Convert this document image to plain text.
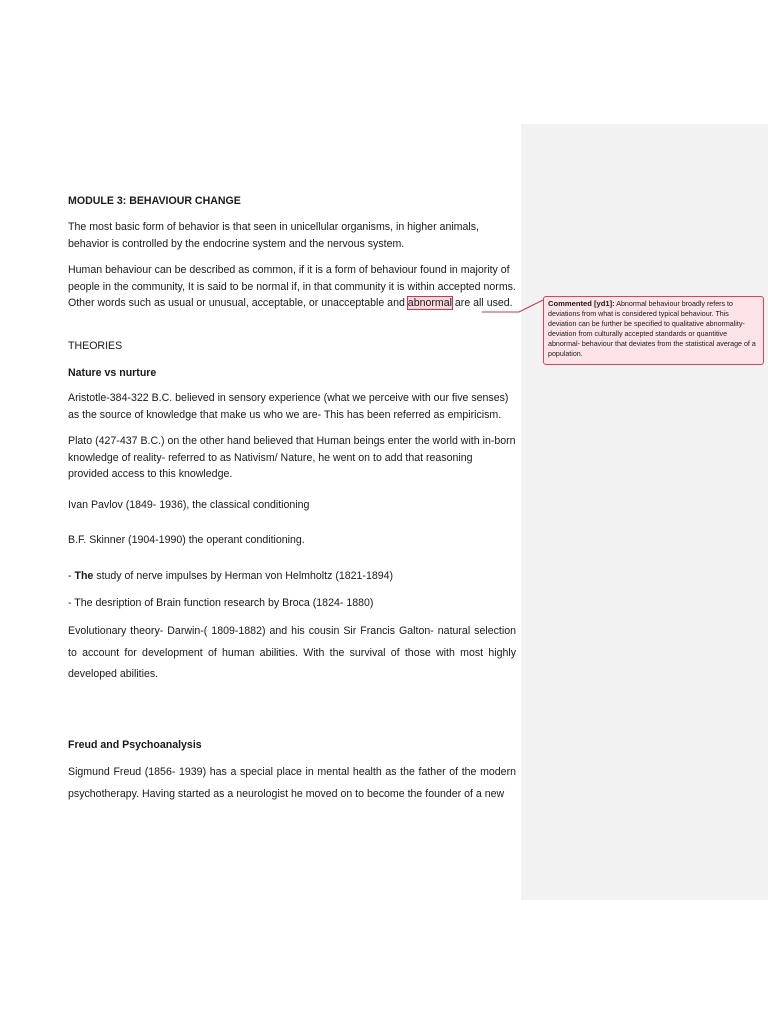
MODULE 3: BEHAVIOUR CHANGE

The most basic form of behavior is that seen in unicellular organisms, in higher animals, behavior is controlled by the endocrine system and the nervous system.

Human behaviour can be described as common, if it is a form of behaviour found in majority of people in the community, It is said to be normal if, in that community it is within accepted norms. Other words such as usual or unusual, acceptable, or unacceptable and abnormal are all used.

THEORIES

Nature vs nurture

Aristotle-384-322 B.C. believed in sensory experience (what we perceive with our five senses) as the source of knowledge that make us who we are- This has been referred as empiricism.

Plato (427-437 B.C.) on the other hand believed that Human beings enter the world with in-born knowledge of reality- referred to as Nativism/ Nature, he went on to add that reasoning provided access to this knowledge.

Ivan Pavlov (1849- 1936), the classical conditioning

B.F. Skinner (1904-1990) the operant conditioning.

- The study of nerve impulses by Herman von Helmholtz (1821-1894)

- The desription of Brain function research by Broca (1824- 1880)

Evolutionary theory- Darwin-( 1809-1882) and his cousin Sir Francis Galton- natural selection to account for development of human abilities. With the survival of those with most highly developed abilities.

Freud and Psychoanalysis

Sigmund Freud (1856- 1939) has a special place in mental health as the father of the modern psychotherapy. Having started as a neurologist he moved on to become the founder of a new

Commented [yd1]: Abnormal behaviour broadly refers to deviations from what is considered typical behaviour. This deviation can be further be specified to qualitative abnormality- deviation from culturally accepted standards or quantitive abnormal- behaviour that deviates from the statistical average of a population.
